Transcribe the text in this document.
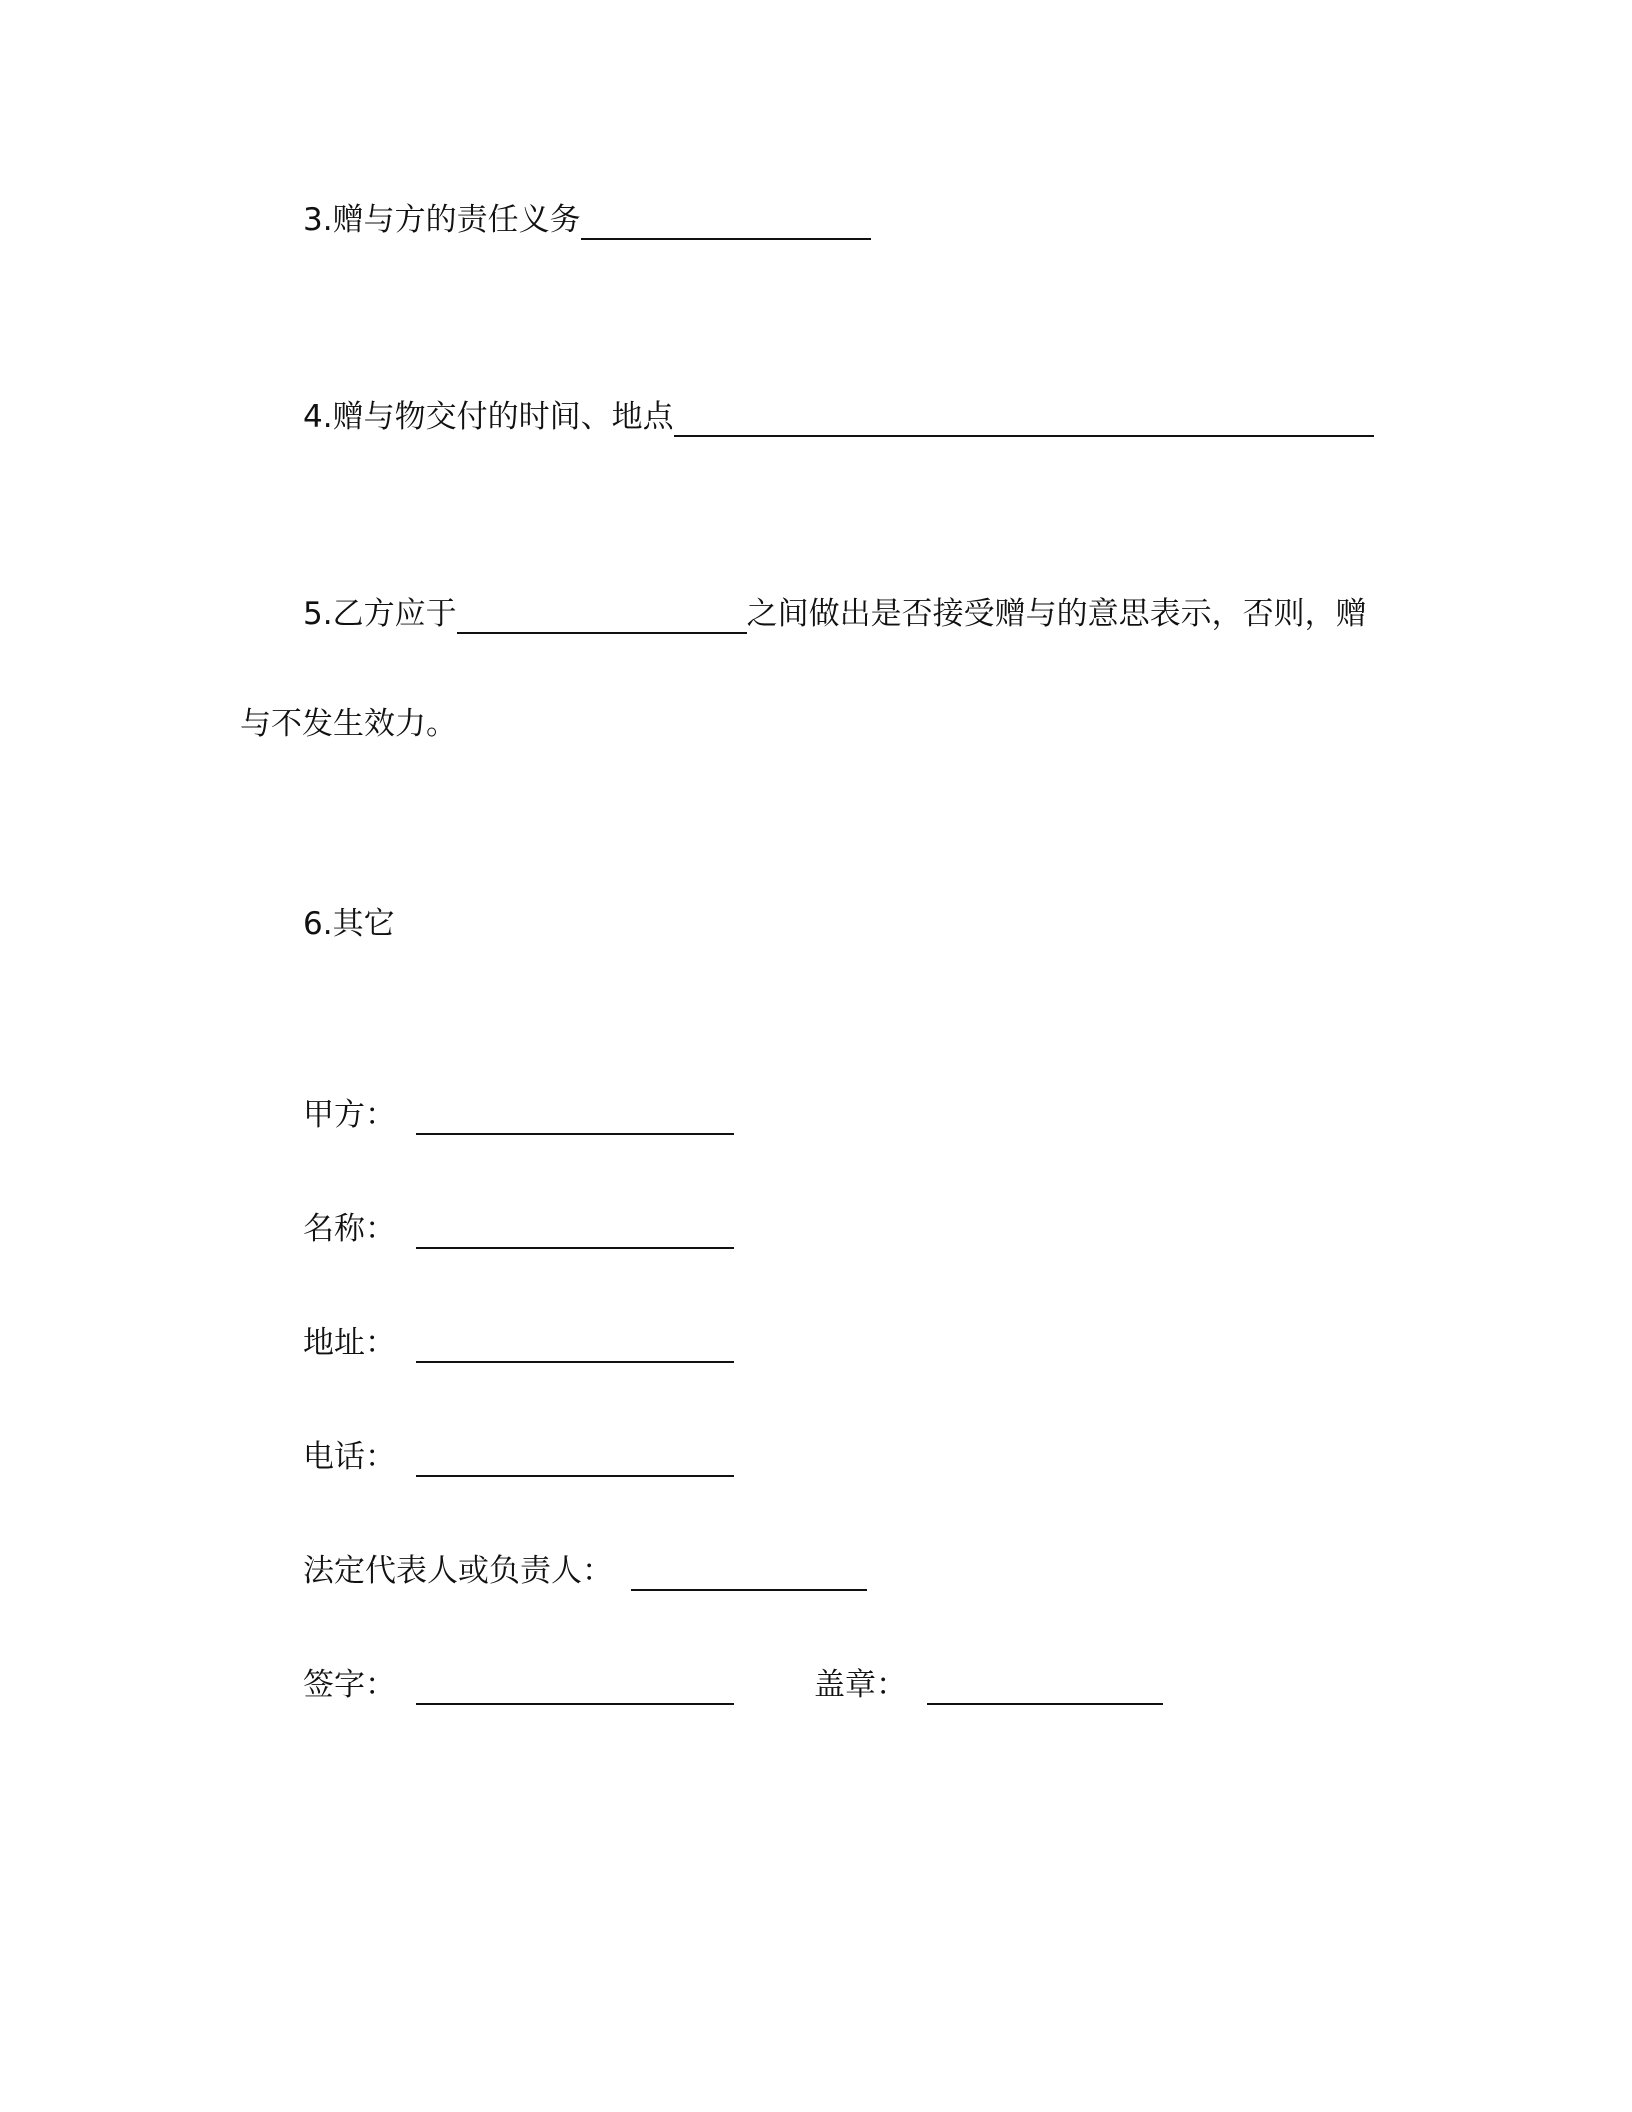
3.赠与方的责任义务
4.赠与物交付的时间、地点
5.乙方应于	之间做出是否接受赠与的意思表示，否则，赠
与不发生效力。
6.其它
甲方：
名称：
地址：
电话：
法定代表人或负责人：
签字：	盖章：
